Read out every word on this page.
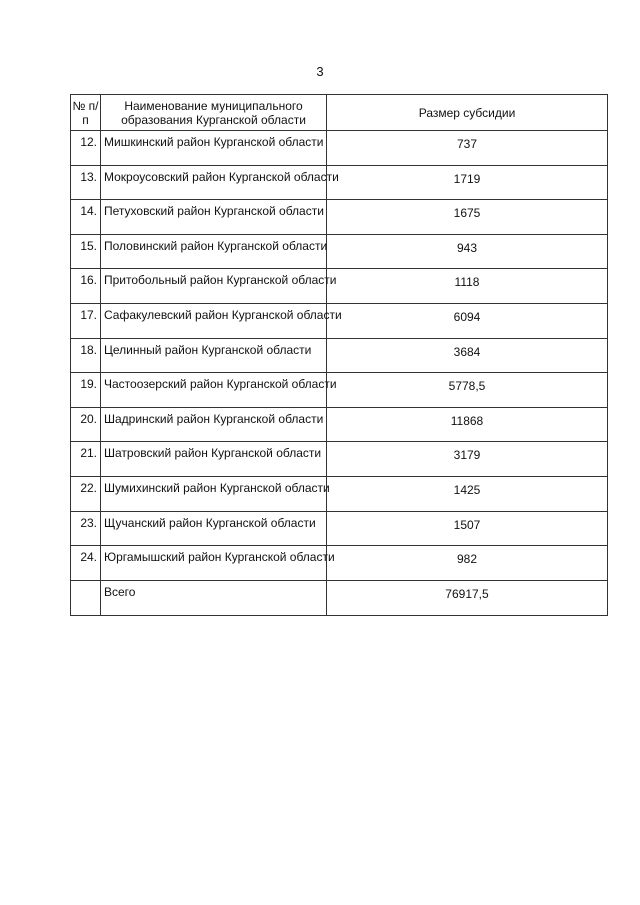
3
№ п/п	Наименование муниципального образования Курганской области	Размер субсидии
12.	Мишкинский район Курганской области	737
13.	Мокроусовский район Курганской области	1719
14.	Петуховский район Курганской области	1675
15.	Половинский район Курганской области	943
16.	Притобольный район Курганской области	1118
17.	Сафакулевский район Курганской области	6094
18.	Целинный район Курганской области	3684
19.	Частоозерский район Курганской области	5778,5
20.	Шадринский район Курганской области	11868
21.	Шатровский район Курганской области	3179
22.	Шумихинский район Курганской области	1425
23.	Щучанский район Курганской области	1507
24.	Юргамышский район Курганской области	982
	Всего	76917,5
